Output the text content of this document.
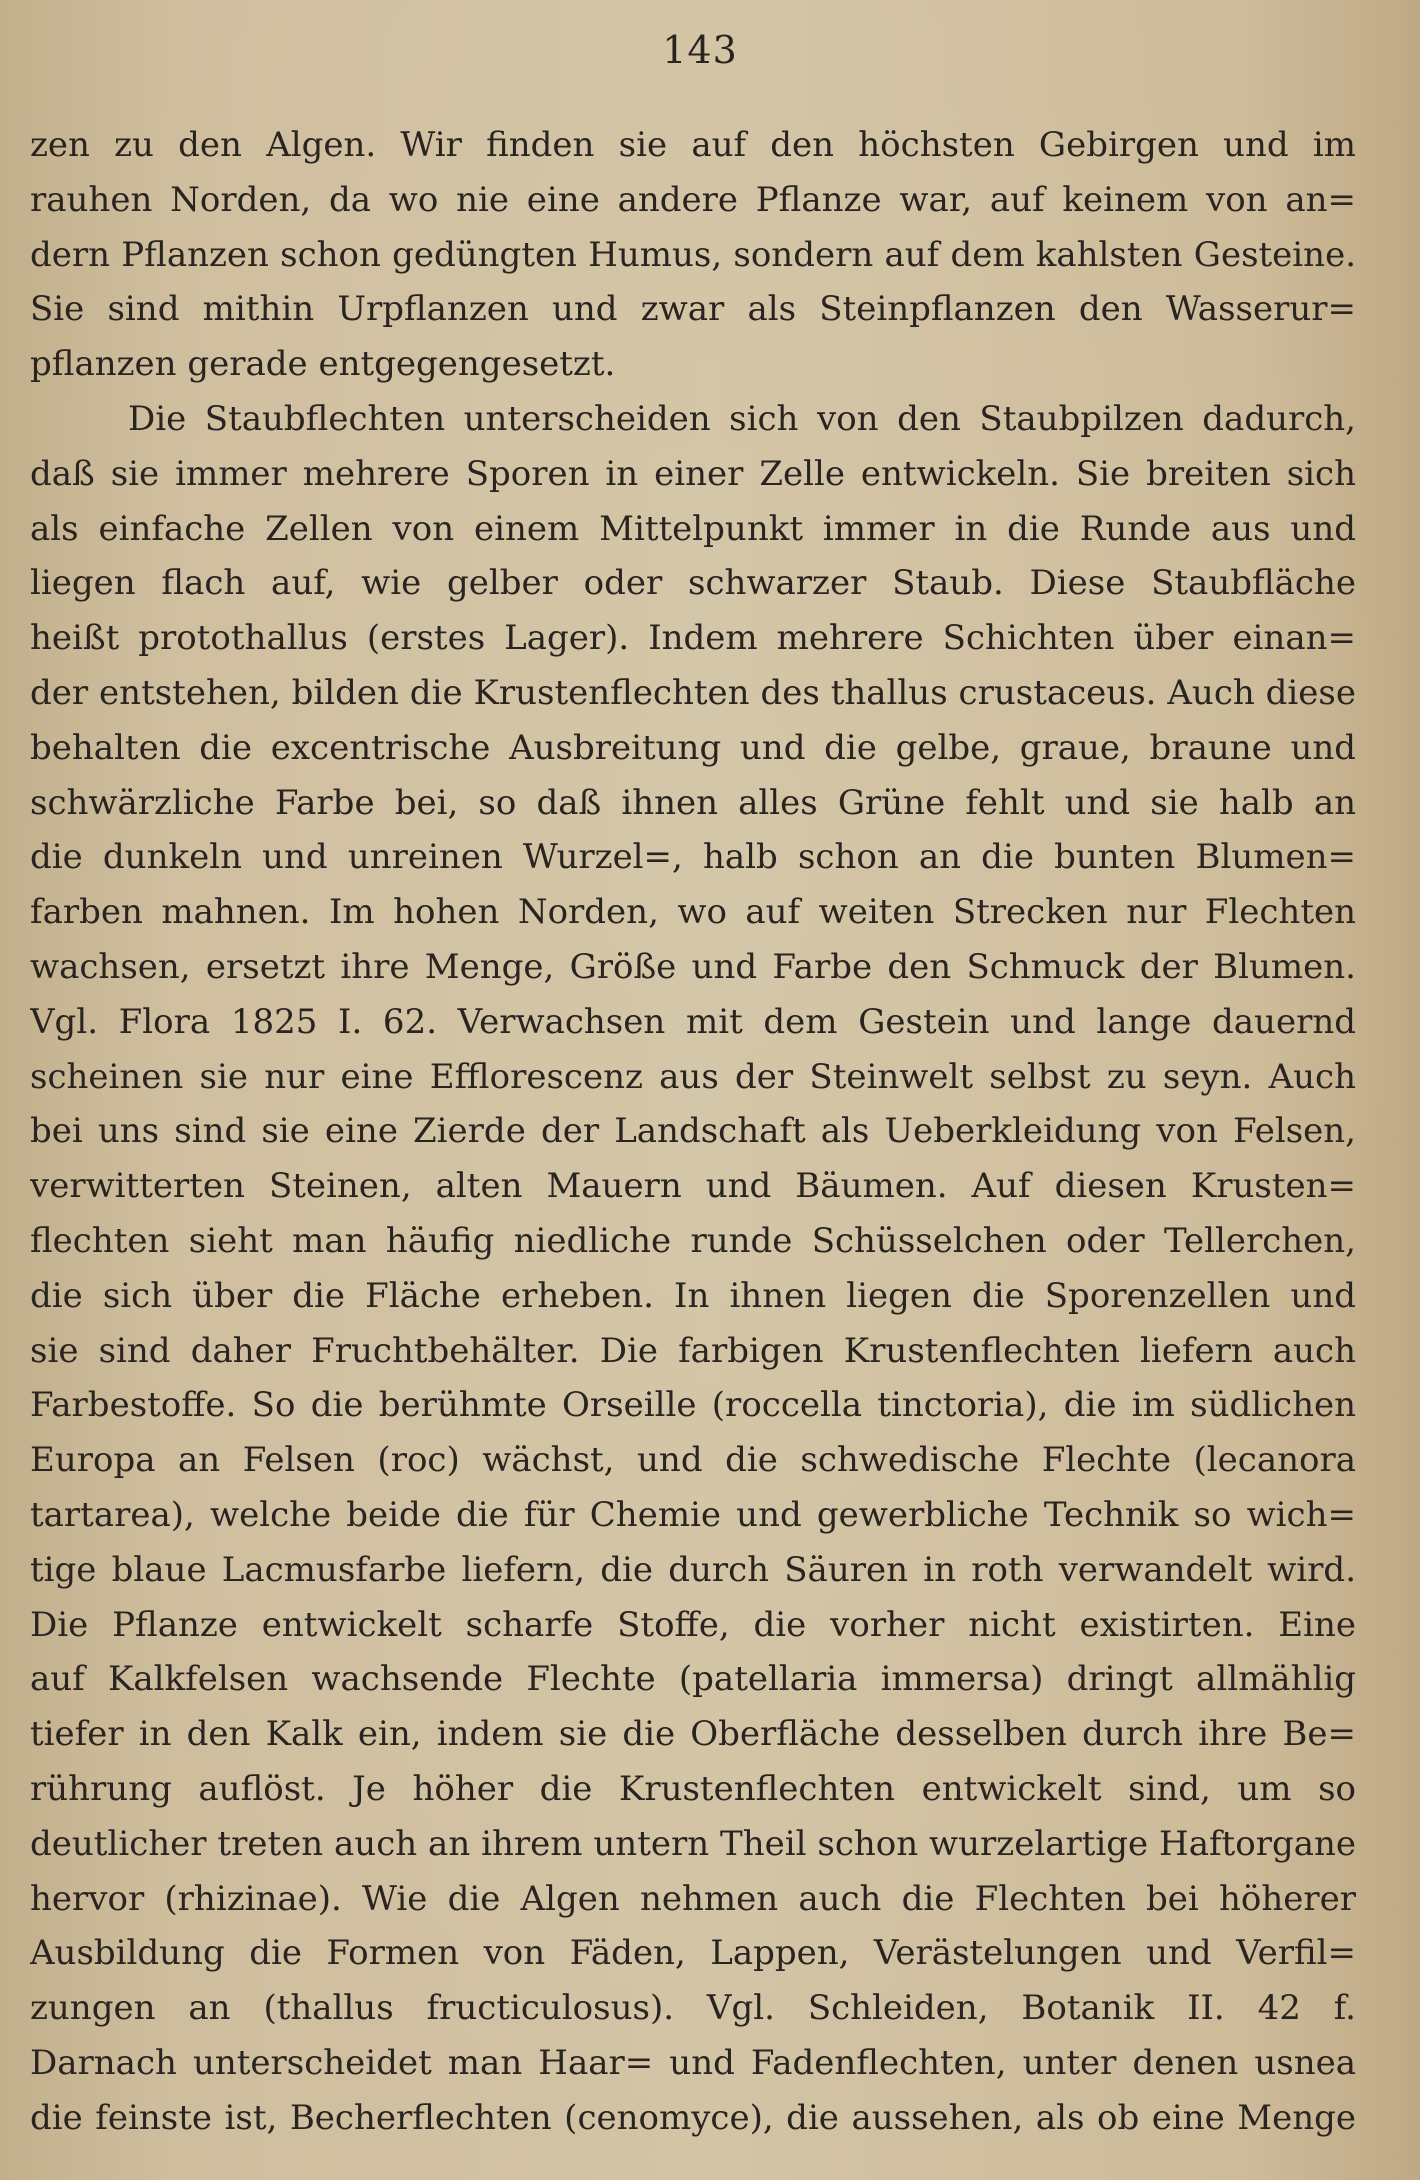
143
zen zu den Algen. Wir finden sie auf den höchsten Gebirgen und im
rauhen Norden, da wo nie eine andere Pflanze war, auf keinem von an=
dern Pflanzen schon gedüngten Humus, sondern auf dem kahlsten Gesteine.
Sie sind mithin Urpflanzen und zwar als Steinpflanzen den Wasserur=
pflanzen gerade entgegengesetzt.
Die Staubflechten unterscheiden sich von den Staubpilzen dadurch,
daß sie immer mehrere Sporen in einer Zelle entwickeln. Sie breiten sich
als einfache Zellen von einem Mittelpunkt immer in die Runde aus und
liegen flach auf, wie gelber oder schwarzer Staub. Diese Staubfläche
heißt protothallus (erstes Lager). Indem mehrere Schichten über einan=
der entstehen, bilden die Krustenflechten des thallus crustaceus. Auch diese
behalten die excentrische Ausbreitung und die gelbe, graue, braune und
schwärzliche Farbe bei, so daß ihnen alles Grüne fehlt und sie halb an
die dunkeln und unreinen Wurzel=, halb schon an die bunten Blumen=
farben mahnen. Im hohen Norden, wo auf weiten Strecken nur Flechten
wachsen, ersetzt ihre Menge, Größe und Farbe den Schmuck der Blumen.
Vgl. Flora 1825 I. 62. Verwachsen mit dem Gestein und lange dauernd
scheinen sie nur eine Efflorescenz aus der Steinwelt selbst zu seyn. Auch
bei uns sind sie eine Zierde der Landschaft als Ueberkleidung von Felsen,
verwitterten Steinen, alten Mauern und Bäumen. Auf diesen Krusten=
flechten sieht man häufig niedliche runde Schüsselchen oder Tellerchen,
die sich über die Fläche erheben. In ihnen liegen die Sporenzellen und
sie sind daher Fruchtbehälter. Die farbigen Krustenflechten liefern auch
Farbestoffe. So die berühmte Orseille (roccella tinctoria), die im südlichen
Europa an Felsen (roc) wächst, und die schwedische Flechte (lecanora
tartarea), welche beide die für Chemie und gewerbliche Technik so wich=
tige blaue Lacmusfarbe liefern, die durch Säuren in roth verwandelt wird.
Die Pflanze entwickelt scharfe Stoffe, die vorher nicht existirten. Eine
auf Kalkfelsen wachsende Flechte (patellaria immersa) dringt allmählig
tiefer in den Kalk ein, indem sie die Oberfläche desselben durch ihre Be=
rührung auflöst. Je höher die Krustenflechten entwickelt sind, um so
deutlicher treten auch an ihrem untern Theil schon wurzelartige Haftorgane
hervor (rhizinae). Wie die Algen nehmen auch die Flechten bei höherer
Ausbildung die Formen von Fäden, Lappen, Verästelungen und Verfil=
zungen an (thallus fructiculosus). Vgl. Schleiden, Botanik II. 42 f.
Darnach unterscheidet man Haar= und Fadenflechten, unter denen usnea
die feinste ist, Becherflechten (cenomyce), die aussehen, als ob eine Menge
